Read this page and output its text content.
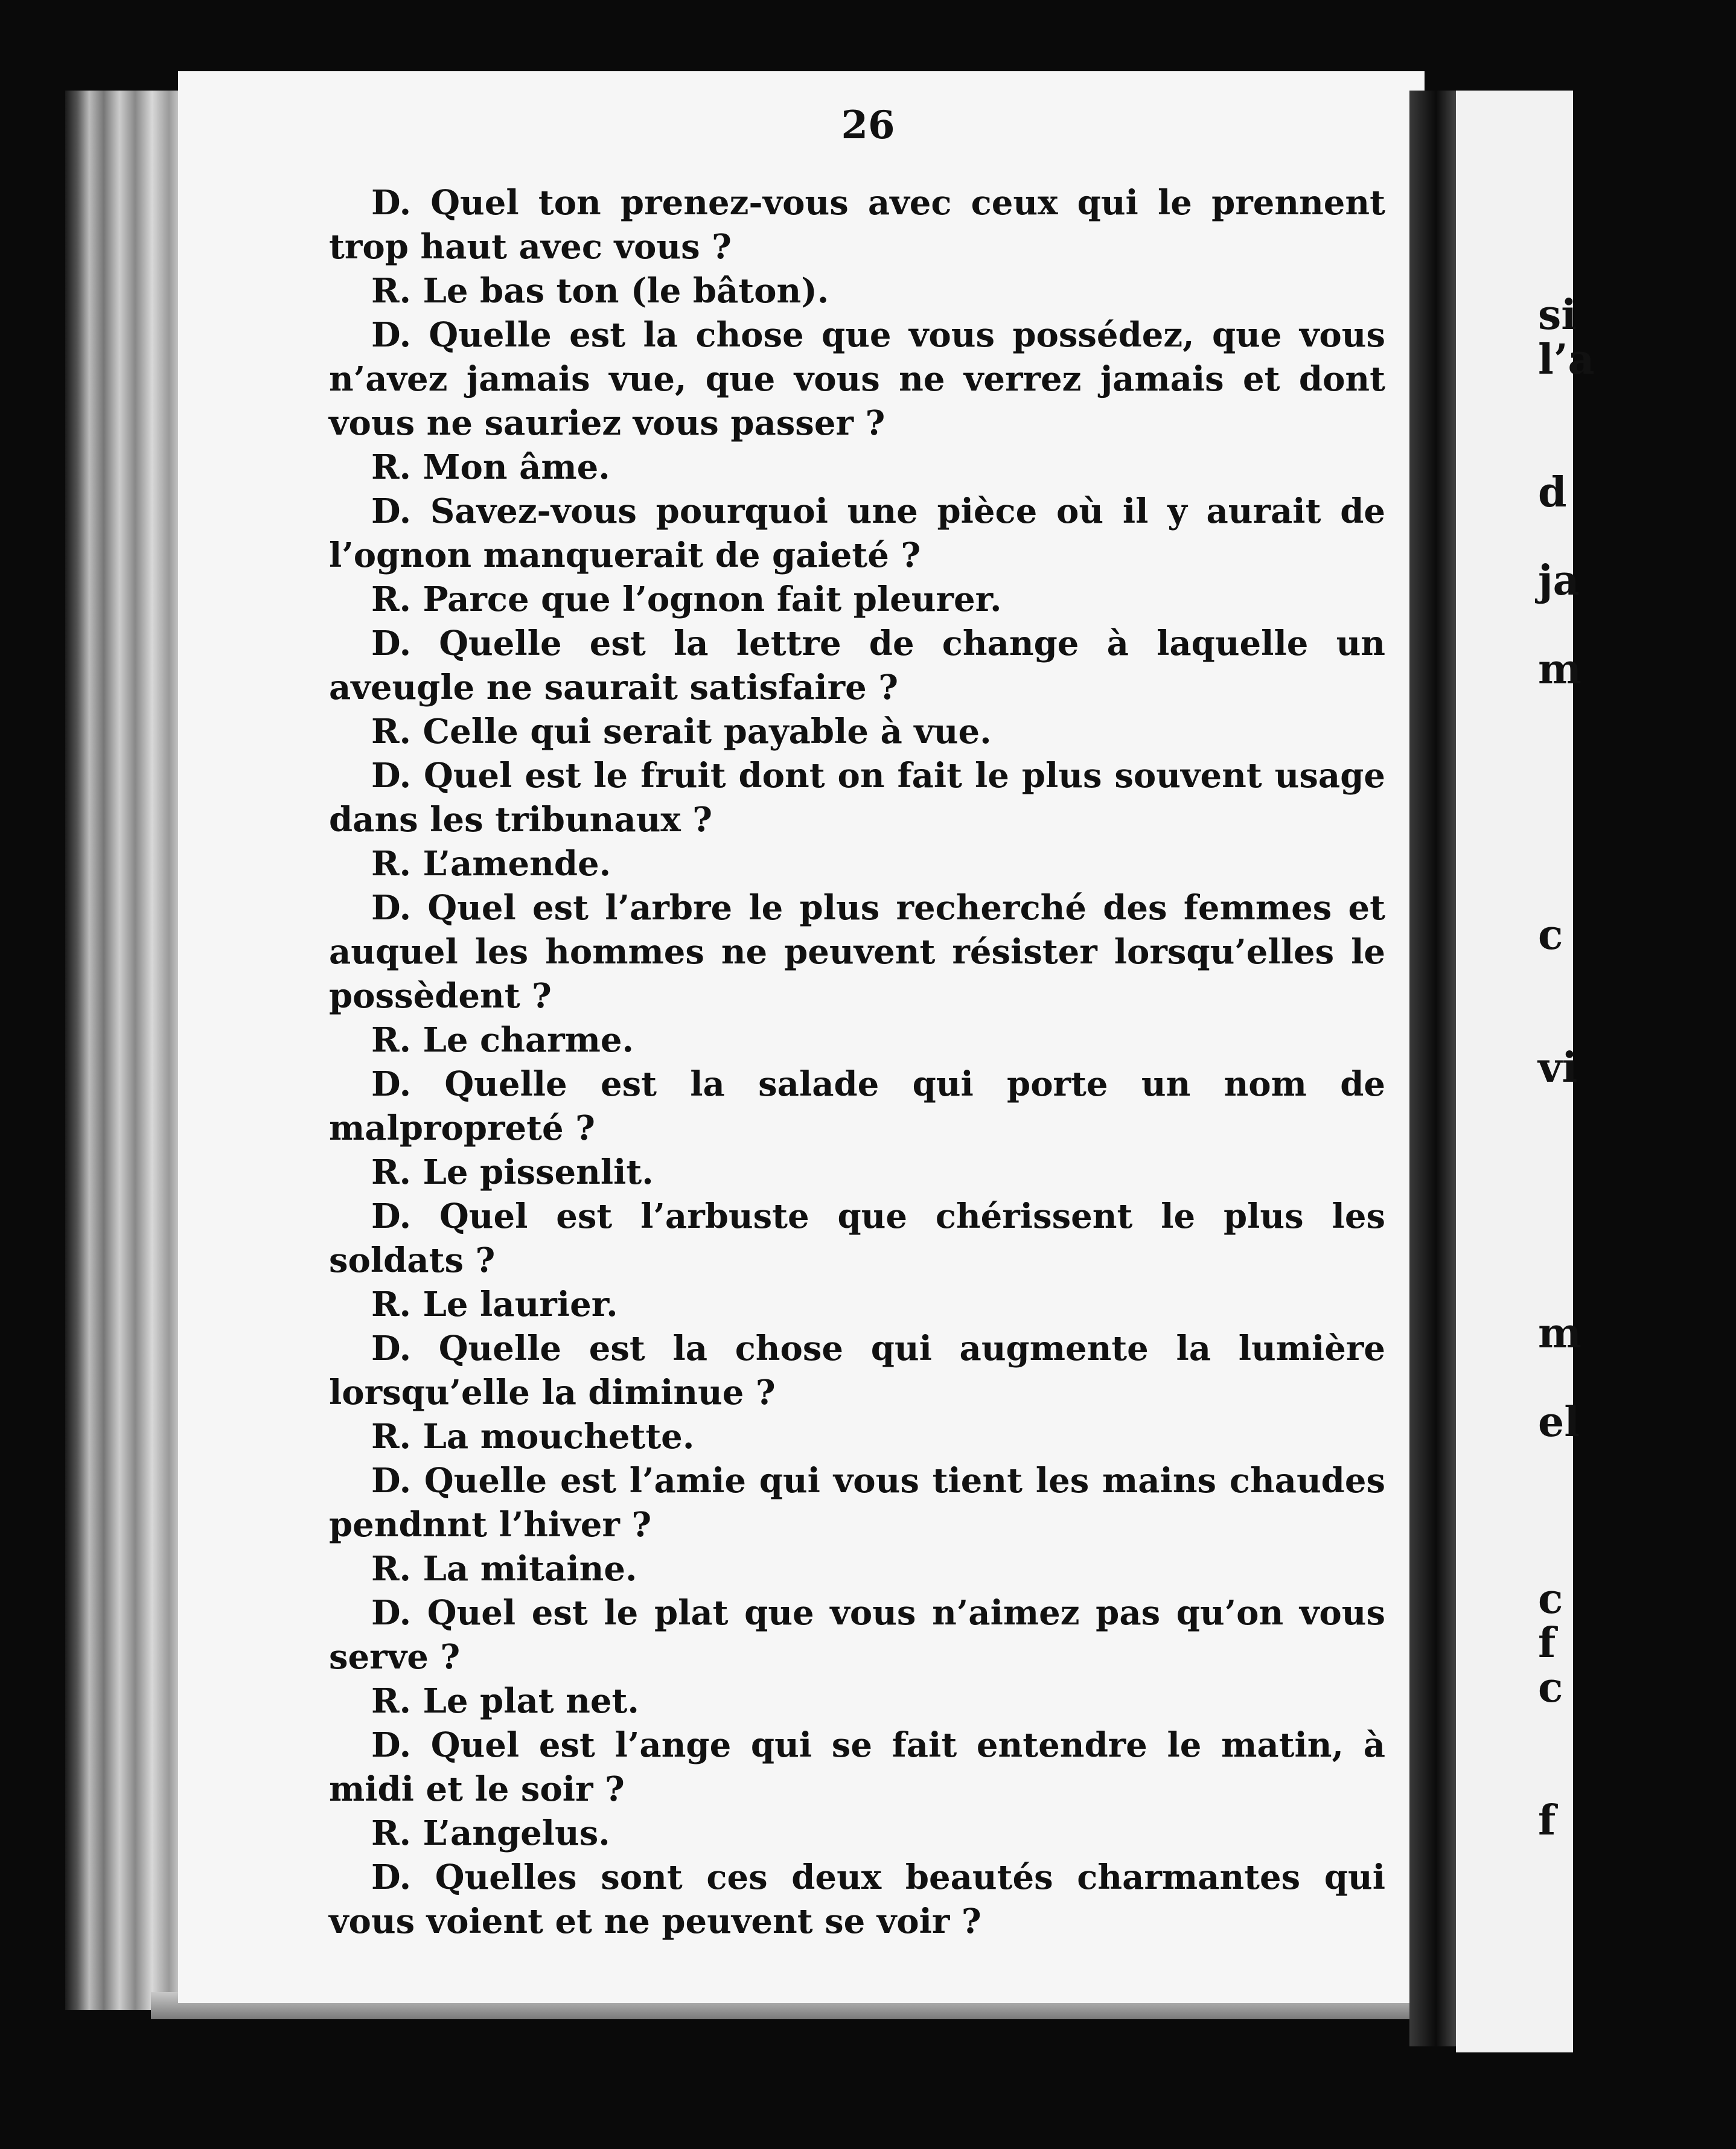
si
l’a
d
ja
m
c
vi
m
el
c
f
c
f
26

D. Quel ton prenez-vous avec ceux qui le prennent trop haut avec vous ?

R. Le bas ton (le bâton).

D. Quelle est la chose que vous possédez, que vous n’avez jamais vue, que vous ne verrez jamais et dont vous ne sauriez vous passer ?

R. Mon âme.

D. Savez-vous pourquoi une pièce où il y aurait de l’ognon manquerait de gaieté ?

R. Parce que l’ognon fait pleurer.

D. Quelle est la lettre de change à laquelle un aveugle ne saurait satisfaire ?

R. Celle qui serait payable à vue.

D. Quel est le fruit dont on fait le plus souvent usage dans les tribunaux ?

R. L’amende.

D. Quel est l’arbre le plus recherché des femmes et auquel les hommes ne peuvent résister lorsqu’elles le possèdent ?

R. Le charme.

D. Quelle est la salade qui porte un nom de malpropreté ?

R. Le pissenlit.

D. Quel est l’arbuste que chérissent le plus les soldats ?

R. Le laurier.

D. Quelle est la chose qui augmente la lumière lorsqu’elle la diminue ?

R. La mouchette.

D. Quelle est l’amie qui vous tient les mains chaudes pendnnt l’hiver ?

R. La mitaine.

D. Quel est le plat que vous n’aimez pas qu’on vous serve ?

R. Le plat net.

D. Quel est l’ange qui se fait entendre le matin, à midi et le soir ?

R. L’angelus.

D. Quelles sont ces deux beautés charmantes qui vous voient et ne peuvent se voir ?
